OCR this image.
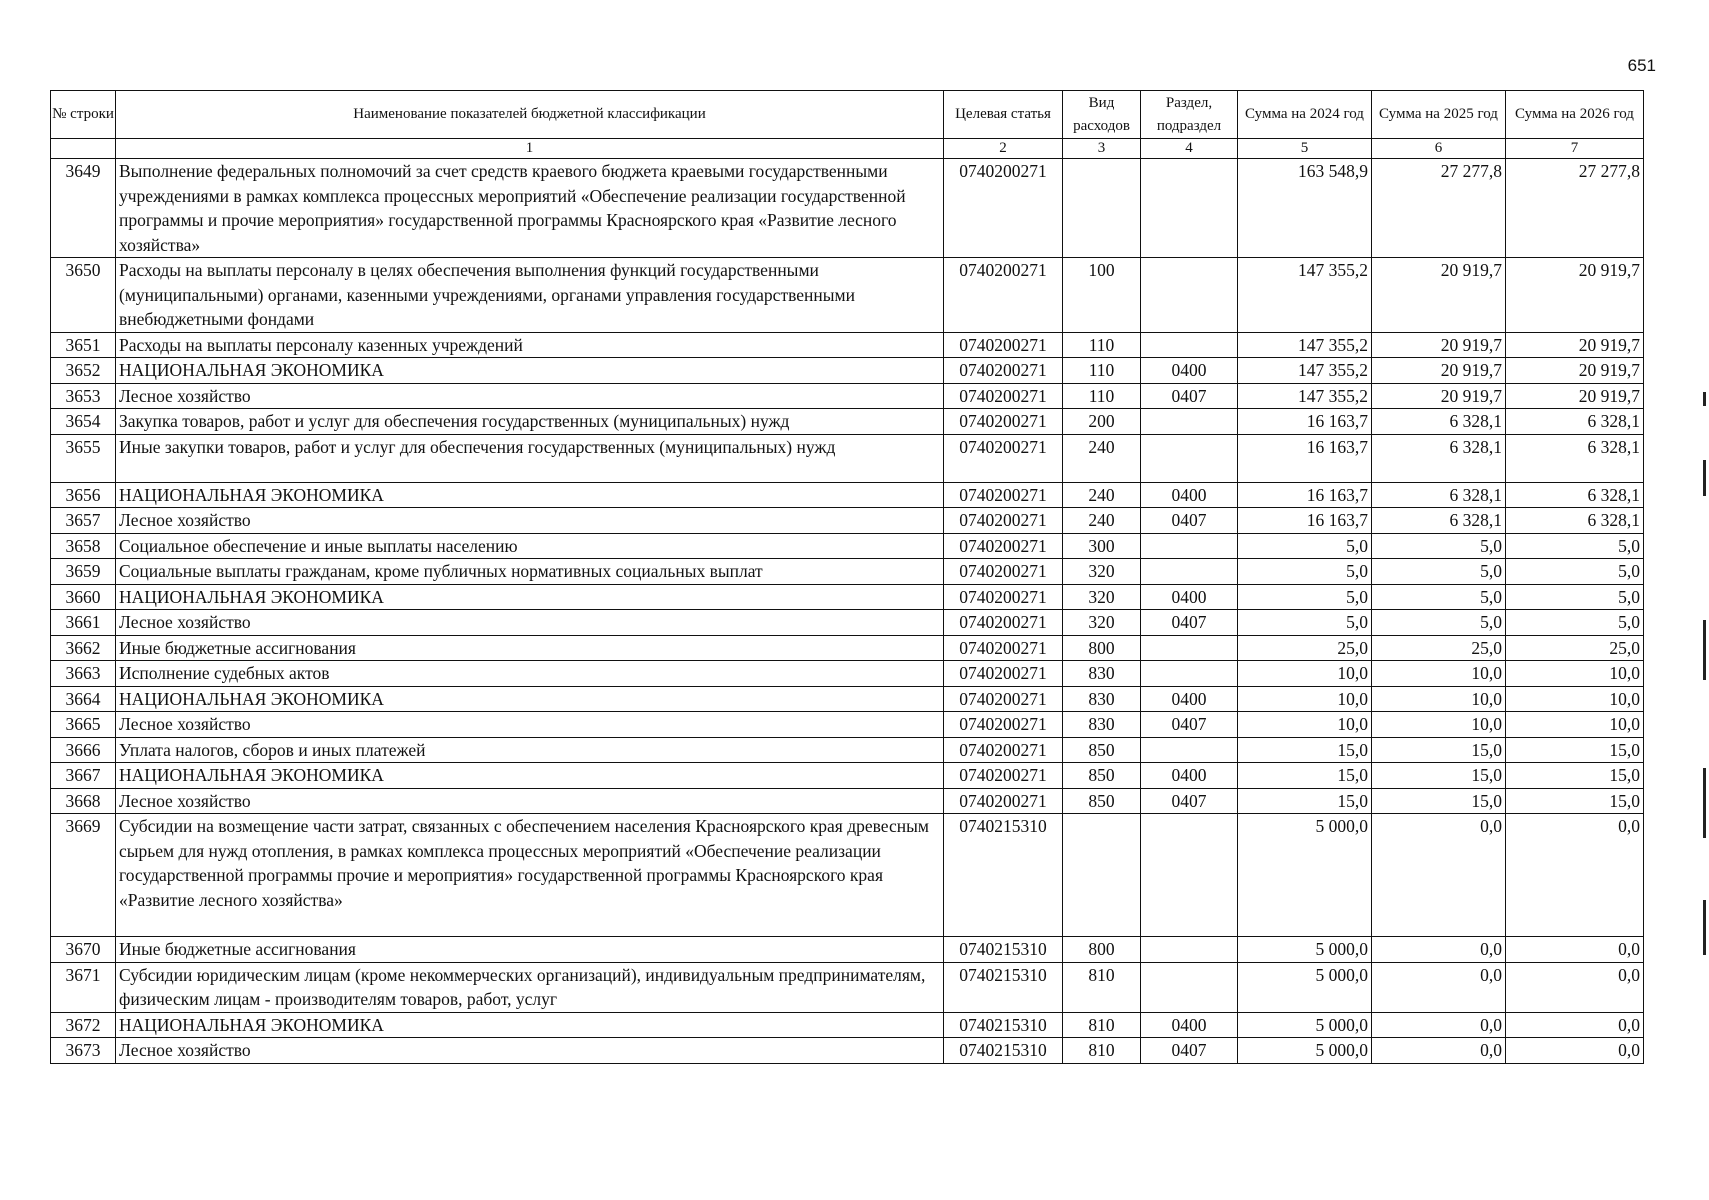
651
№ строки	Наименование показателей бюджетной классификации	Целевая статья	Вид расходов	Раздел, подраздел	Сумма на 2024 год	Сумма на 2025 год	Сумма на 2026 год
	1	2	3	4	5	6	7
3649	Выполнение федеральных полномочий за счет средств краевого бюджета краевыми государственными учреждениями в рамках комплекса процессных мероприятий «Обеспечение реализации государственной программы и прочие мероприятия» государственной программы Красноярского края «Развитие лесного хозяйства»	0740200271			163 548,9	27 277,8	27 277,8
3650	Расходы на выплаты персоналу в целях обеспечения выполнения функций государственными (муниципальными) органами, казенными учреждениями, органами управления государственными внебюджетными фондами	0740200271	100		147 355,2	20 919,7	20 919,7
3651	Расходы на выплаты персоналу казенных учреждений	0740200271	110		147 355,2	20 919,7	20 919,7
3652	НАЦИОНАЛЬНАЯ ЭКОНОМИКА	0740200271	110	0400	147 355,2	20 919,7	20 919,7
3653	Лесное хозяйство	0740200271	110	0407	147 355,2	20 919,7	20 919,7
3654	Закупка товаров, работ и услуг для обеспечения государственных (муниципальных) нужд	0740200271	200		16 163,7	6 328,1	6 328,1
3655	Иные закупки товаров, работ и услуг для обеспечения государственных (муниципальных) нужд	0740200271	240		16 163,7	6 328,1	6 328,1
3656	НАЦИОНАЛЬНАЯ ЭКОНОМИКА	0740200271	240	0400	16 163,7	6 328,1	6 328,1
3657	Лесное хозяйство	0740200271	240	0407	16 163,7	6 328,1	6 328,1
3658	Социальное обеспечение и иные выплаты населению	0740200271	300		5,0	5,0	5,0
3659	Социальные выплаты гражданам, кроме публичных нормативных социальных выплат	0740200271	320		5,0	5,0	5,0
3660	НАЦИОНАЛЬНАЯ ЭКОНОМИКА	0740200271	320	0400	5,0	5,0	5,0
3661	Лесное хозяйство	0740200271	320	0407	5,0	5,0	5,0
3662	Иные бюджетные ассигнования	0740200271	800		25,0	25,0	25,0
3663	Исполнение судебных актов	0740200271	830		10,0	10,0	10,0
3664	НАЦИОНАЛЬНАЯ ЭКОНОМИКА	0740200271	830	0400	10,0	10,0	10,0
3665	Лесное хозяйство	0740200271	830	0407	10,0	10,0	10,0
3666	Уплата налогов, сборов и иных платежей	0740200271	850		15,0	15,0	15,0
3667	НАЦИОНАЛЬНАЯ ЭКОНОМИКА	0740200271	850	0400	15,0	15,0	15,0
3668	Лесное хозяйство	0740200271	850	0407	15,0	15,0	15,0
3669	Субсидии на возмещение части затрат, связанных с обеспечением населения Красноярского края древесным сырьем для нужд отопления, в рамках комплекса процессных мероприятий «Обеспечение реализации государственной программы прочие и мероприятия» государственной программы Красноярского края «Развитие лесного хозяйства»	0740215310			5 000,0	0,0	0,0
3670	Иные бюджетные ассигнования	0740215310	800		5 000,0	0,0	0,0
3671	Субсидии юридическим лицам (кроме некоммерческих организаций), индивидуальным предпринимателям, физическим лицам - производителям товаров, работ, услуг	0740215310	810		5 000,0	0,0	0,0
3672	НАЦИОНАЛЬНАЯ ЭКОНОМИКА	0740215310	810	0400	5 000,0	0,0	0,0
3673	Лесное хозяйство	0740215310	810	0407	5 000,0	0,0	0,0
